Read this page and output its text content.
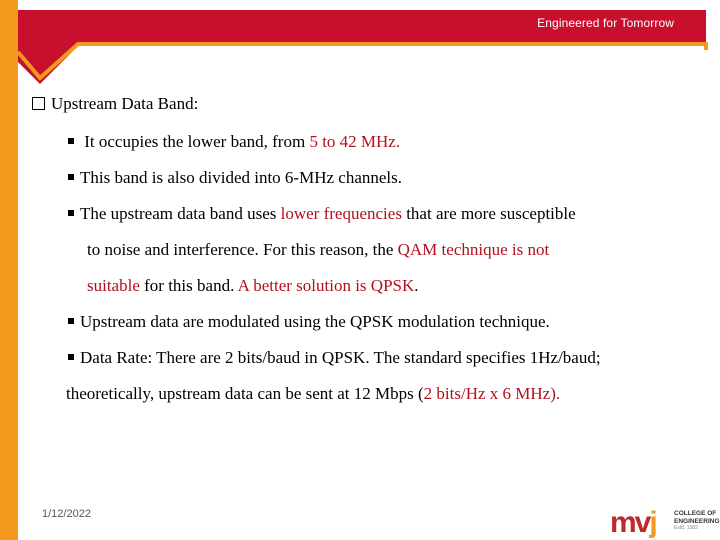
Engineered for Tomorrow
Upstream Data Band:
It occupies the lower band, from 5 to 42 MHz.
This band is also divided into 6-MHz channels.
The upstream data band uses lower frequencies that are more susceptible
to noise and interference. For this reason, the QAM technique is not
suitable for this band. A better solution is QPSK.
Upstream data are modulated using the QPSK modulation technique.
Data Rate: There are 2 bits/baud in QPSK. The standard specifies 1Hz/baud;
theoretically, upstream data can be sent at 12 Mbps (2 bits/Hz x 6 MHz).
1/12/2022	mvj	COLLEGE OF
ENGINEERING
Estd. 1982
